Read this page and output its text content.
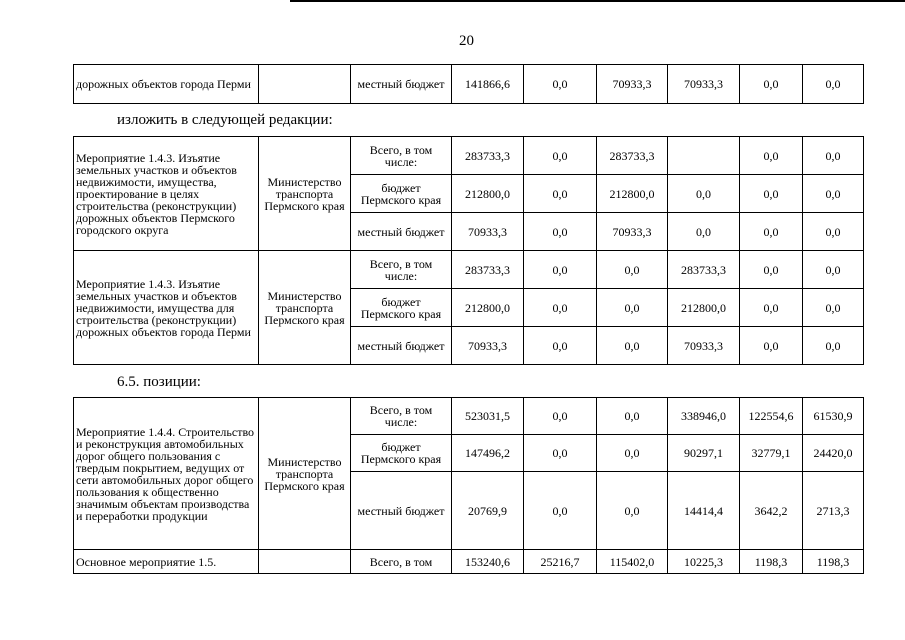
20
дорожных объектов города Перми		местный бюджет	141866,6	0,0	70933,3	70933,3	0,0	0,0
изложить в следующей редакции:
Мероприятие 1.4.3. Изъятие земельных участков и объектов недвижимости, имущества, проектирование в целях строительства (реконструкции) дорожных объектов Пермского городского округа	Министерство транспорта Пермского края	Всего, в том числе:	283733,3	0,0	283733,3		0,0	0,0
		бюджет Пермского края	212800,0	0,0	212800,0	0,0	0,0	0,0
		местный бюджет	70933,3	0,0	70933,3	0,0	0,0	0,0
Мероприятие 1.4.3. Изъятие земельных участков и объектов недвижимости, имущества для строительства (реконструкции) дорожных объектов города Перми	Министерство транспорта Пермского края	Всего, в том числе:	283733,3	0,0	0,0	283733,3	0,0	0,0
		бюджет Пермского края	212800,0	0,0	0,0	212800,0	0,0	0,0
		местный бюджет	70933,3	0,0	0,0	70933,3	0,0	0,0
6.5. позиции:
Мероприятие 1.4.4. Строительство и реконструкция автомобильных дорог общего пользования с твердым покрытием, ведущих от сети автомобильных дорог общего пользования к общественно значимым объектам производства и переработки продукции	Министерство транспорта Пермского края	Всего, в том числе:	523031,5	0,0	0,0	338946,0	122554,6	61530,9
		бюджет Пермского края	147496,2	0,0	0,0	90297,1	32779,1	24420,0
		местный бюджет	20769,9	0,0	0,0	14414,4	3642,2	2713,3
Основное мероприятие 1.5.		Всего, в том	153240,6	25216,7	115402,0	10225,3	1198,3	1198,3
